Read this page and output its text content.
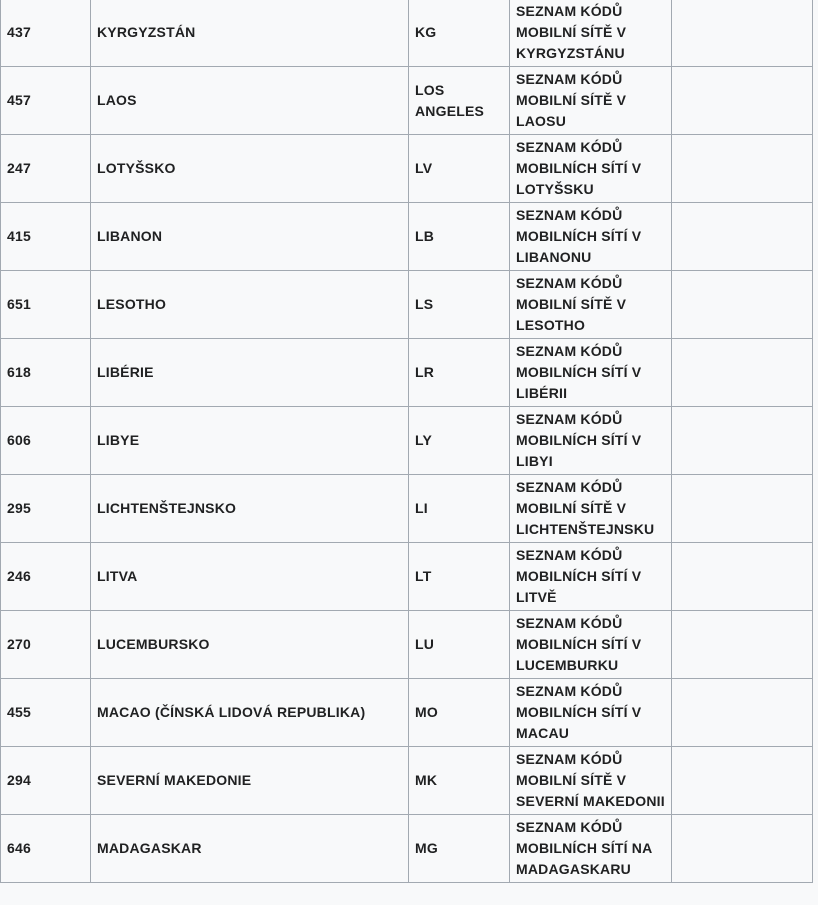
437	KYRGYZSTÁN	KG	SEZNAM KÓDŮ MOBILNÍ SÍTĚ V KYRGYZSTÁNU	
457	LAOS	LOS ANGELES	SEZNAM KÓDŮ MOBILNÍ SÍTĚ V LAOSU	
247	LOTYŠSKO	LV	SEZNAM KÓDŮ MOBILNÍCH SÍTÍ V LOTYŠSKU	
415	LIBANON	LB	SEZNAM KÓDŮ MOBILNÍCH SÍTÍ V LIBANONU	
651	LESOTHO	LS	SEZNAM KÓDŮ MOBILNÍ SÍTĚ V LESOTHO	
618	LIBÉRIE	LR	SEZNAM KÓDŮ MOBILNÍCH SÍTÍ V LIBÉRII	
606	LIBYE	LY	SEZNAM KÓDŮ MOBILNÍCH SÍTÍ V LIBYI	
295	LICHTENŠTEJNSKO	LI	SEZNAM KÓDŮ MOBILNÍ SÍTĚ V LICHTENŠTEJNSKU	
246	LITVA	LT	SEZNAM KÓDŮ MOBILNÍCH SÍTÍ V LITVĚ	
270	LUCEMBURSKO	LU	SEZNAM KÓDŮ MOBILNÍCH SÍTÍ V LUCEMBURKU	
455	MACAO (ČÍNSKÁ LIDOVÁ REPUBLIKA)	MO	SEZNAM KÓDŮ MOBILNÍCH SÍTÍ V MACAU	
294	SEVERNÍ MAKEDONIE	MK	SEZNAM KÓDŮ MOBILNÍ SÍTĚ V SEVERNÍ MAKEDONII	
646	MADAGASKAR	MG	SEZNAM KÓDŮ MOBILNÍCH SÍTÍ NA MADAGASKARU	
